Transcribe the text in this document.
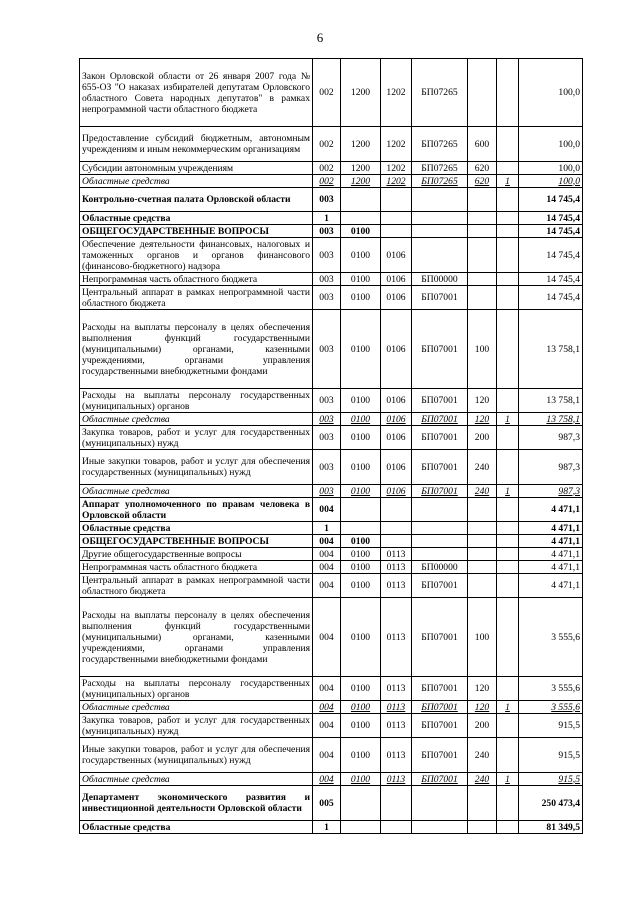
6
Закон Орловской области от 26 января 2007 года № 655-ОЗ "О наказах избирателей депутатам Орловского областного Совета народных депутатов" в рамках непрограммной части областного бюджета	002	1200	1202	БП07265			100,0
Предоставление субсидий бюджетным, автономным учреждениям и иным некоммерческим организациям	002	1200	1202	БП07265	600		100,0
Субсидии автономным учреждениям	002	1200	1202	БП07265	620		100,0
Областные средства	002	1200	1202	БП07265	620	1	100,0
Контрольно-счетная палата Орловской области	003						14 745,4
Областные средства	1						14 745,4
ОБЩЕГОСУДАРСТВЕННЫЕ ВОПРОСЫ	003	0100					14 745,4
Обеспечение деятельности финансовых, налоговых и таможенных органов и органов финансового (финансово-бюджетного) надзора	003	0100	0106				14 745,4
Непрограммная часть областного бюджета	003	0100	0106	БП00000			14 745,4
Центральный аппарат в рамках непрограммной части областного бюджета	003	0100	0106	БП07001			14 745,4
Расходы на выплаты персоналу в целях обеспечения выполнения функций государственными (муниципальными) органами, казенными учреждениями, органами управления государственными внебюджетными фондами	003	0100	0106	БП07001	100		13 758,1
Расходы на выплаты персоналу государственных (муниципальных) органов	003	0100	0106	БП07001	120		13 758,1
Областные средства	003	0100	0106	БП07001	120	1	13 758,1
Закупка товаров, работ и услуг для государственных (муниципальных) нужд	003	0100	0106	БП07001	200		987,3
Иные закупки товаров, работ и услуг для обеспечения государственных (муниципальных) нужд	003	0100	0106	БП07001	240		987,3
Областные средства	003	0100	0106	БП07001	240	1	987,3
Аппарат уполномоченного по правам человека в Орловской области	004						4 471,1
Областные средства	1						4 471,1
ОБЩЕГОСУДАРСТВЕННЫЕ ВОПРОСЫ	004	0100					4 471,1
Другие общегосударственные вопросы	004	0100	0113				4 471,1
Непрограммная часть областного бюджета	004	0100	0113	БП00000			4 471,1
Центральный аппарат в рамках непрограммной части областного бюджета	004	0100	0113	БП07001			4 471,1
Расходы на выплаты персоналу в целях обеспечения выполнения функций государственными (муниципальными) органами, казенными учреждениями, органами управления государственными внебюджетными фондами	004	0100	0113	БП07001	100		3 555,6
Расходы на выплаты персоналу государственных (муниципальных) органов	004	0100	0113	БП07001	120		3 555,6
Областные средства	004	0100	0113	БП07001	120	1	3 555,6
Закупка товаров, работ и услуг для государственных (муниципальных) нужд	004	0100	0113	БП07001	200		915,5
Иные закупки товаров, работ и услуг для обеспечения государственных (муниципальных) нужд	004	0100	0113	БП07001	240		915,5
Областные средства	004	0100	0113	БП07001	240	1	915,5
Департамент экономического развития и инвестиционной деятельности Орловской области	005						250 473,4
Областные средства	1						81 349,5
